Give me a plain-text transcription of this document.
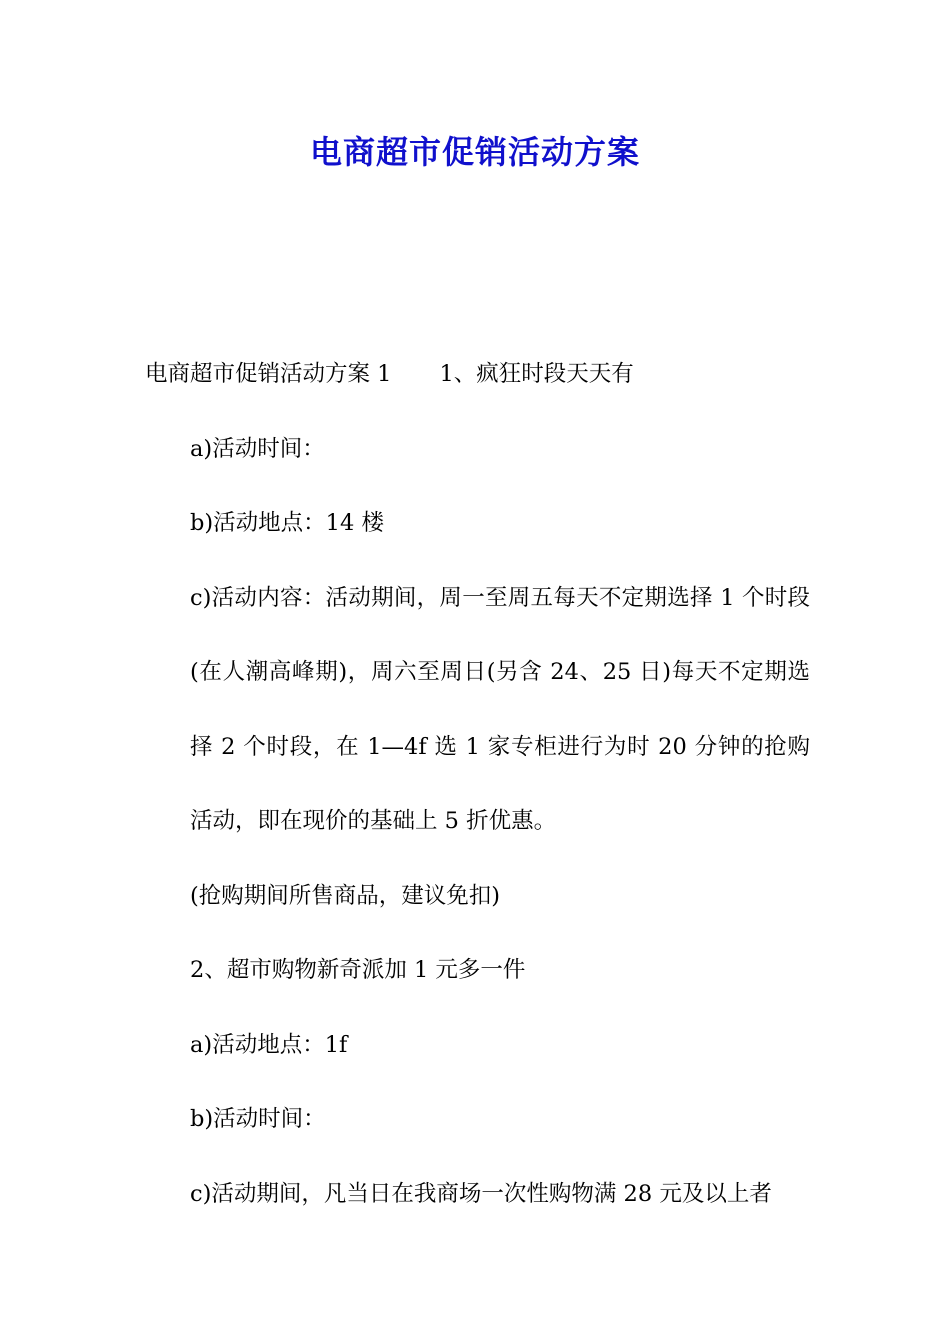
电商超市促销活动方案

电商超市促销活动方案 1 1、疯狂时段天天有

a)活动时间：

b)活动地点：14 楼

c)活动内容：活动期间，周一至周五每天不定期选择 1 个时段(在人潮高峰期)，周六至周日(另含 24、25 日)每天不定期选择 2 个时段，在 1—4f 选 1 家专柜进行为时 20 分钟的抢购活动，即在现价的基础上 5 折优惠。

(抢购期间所售商品，建议免扣)

2、超市购物新奇派加 1 元多一件

a)活动地点：1f

b)活动时间：

c)活动期间，凡当日在我商场一次性购物满 28 元及以上者
